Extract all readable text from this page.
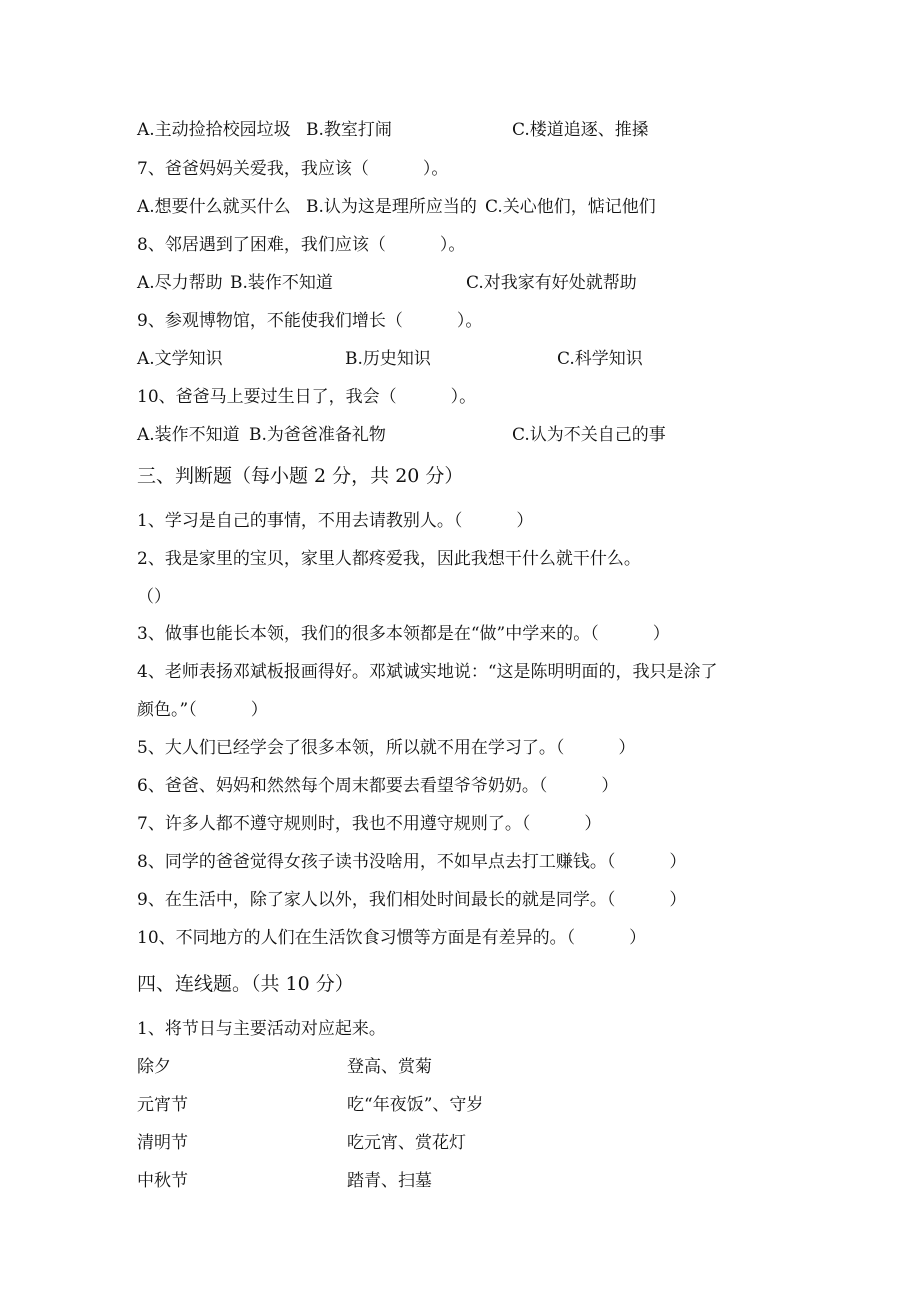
A.主动捡拾校园垃圾 B.教室打闹	C.楼道追逐、推搡
7、爸爸妈妈关爱我，我应该（          ）。
A.想要什么就买什么 B.认为这是理所应当的 C.关心他们，惦记他们
8、邻居遇到了困难，我们应该（          ）。
A.尽力帮助 B.装作不知道	C.对我家有好处就帮助
9、参观博物馆，不能使我们增长（          ）。
A.文学知识	B.历史知识	C.科学知识
10、爸爸马上要过生日了，我会（          ）。
A.装作不知道 B.为爸爸准备礼物	C.认为不关自己的事
三、判断题（每小题 2 分，共 20 分）
1、学习是自己的事情，不用去请教别人。（          ）
2、我是家里的宝贝，家里人都疼爱我，因此我想干什么就干什么。
（）
3、做事也能长本领，我们的很多本领都是在“做”中学来的。（          ）
4、老师表扬邓斌板报画得好。邓斌诚实地说：“这是陈明明面的，我只是涂了
颜色。”（          ）
5、大人们已经学会了很多本领，所以就不用在学习了。（          ）
6、爸爸、妈妈和然然每个周末都要去看望爷爷奶奶。（          ）
7、许多人都不遵守规则时，我也不用遵守规则了。（          ）
8、同学的爸爸觉得女孩子读书没啥用，不如早点去打工赚钱。（          ）
9、在生活中，除了家人以外，我们相处时间最长的就是同学。（          ）
10、不同地方的人们在生活饮食习惯等方面是有差异的。（          ）
四、连线题。（共 10 分）
1、将节日与主要活动对应起来。
除夕	登高、赏菊
元宵节	吃“年夜饭”、守岁
清明节	吃元宵、赏花灯
中秋节	踏青、扫墓
